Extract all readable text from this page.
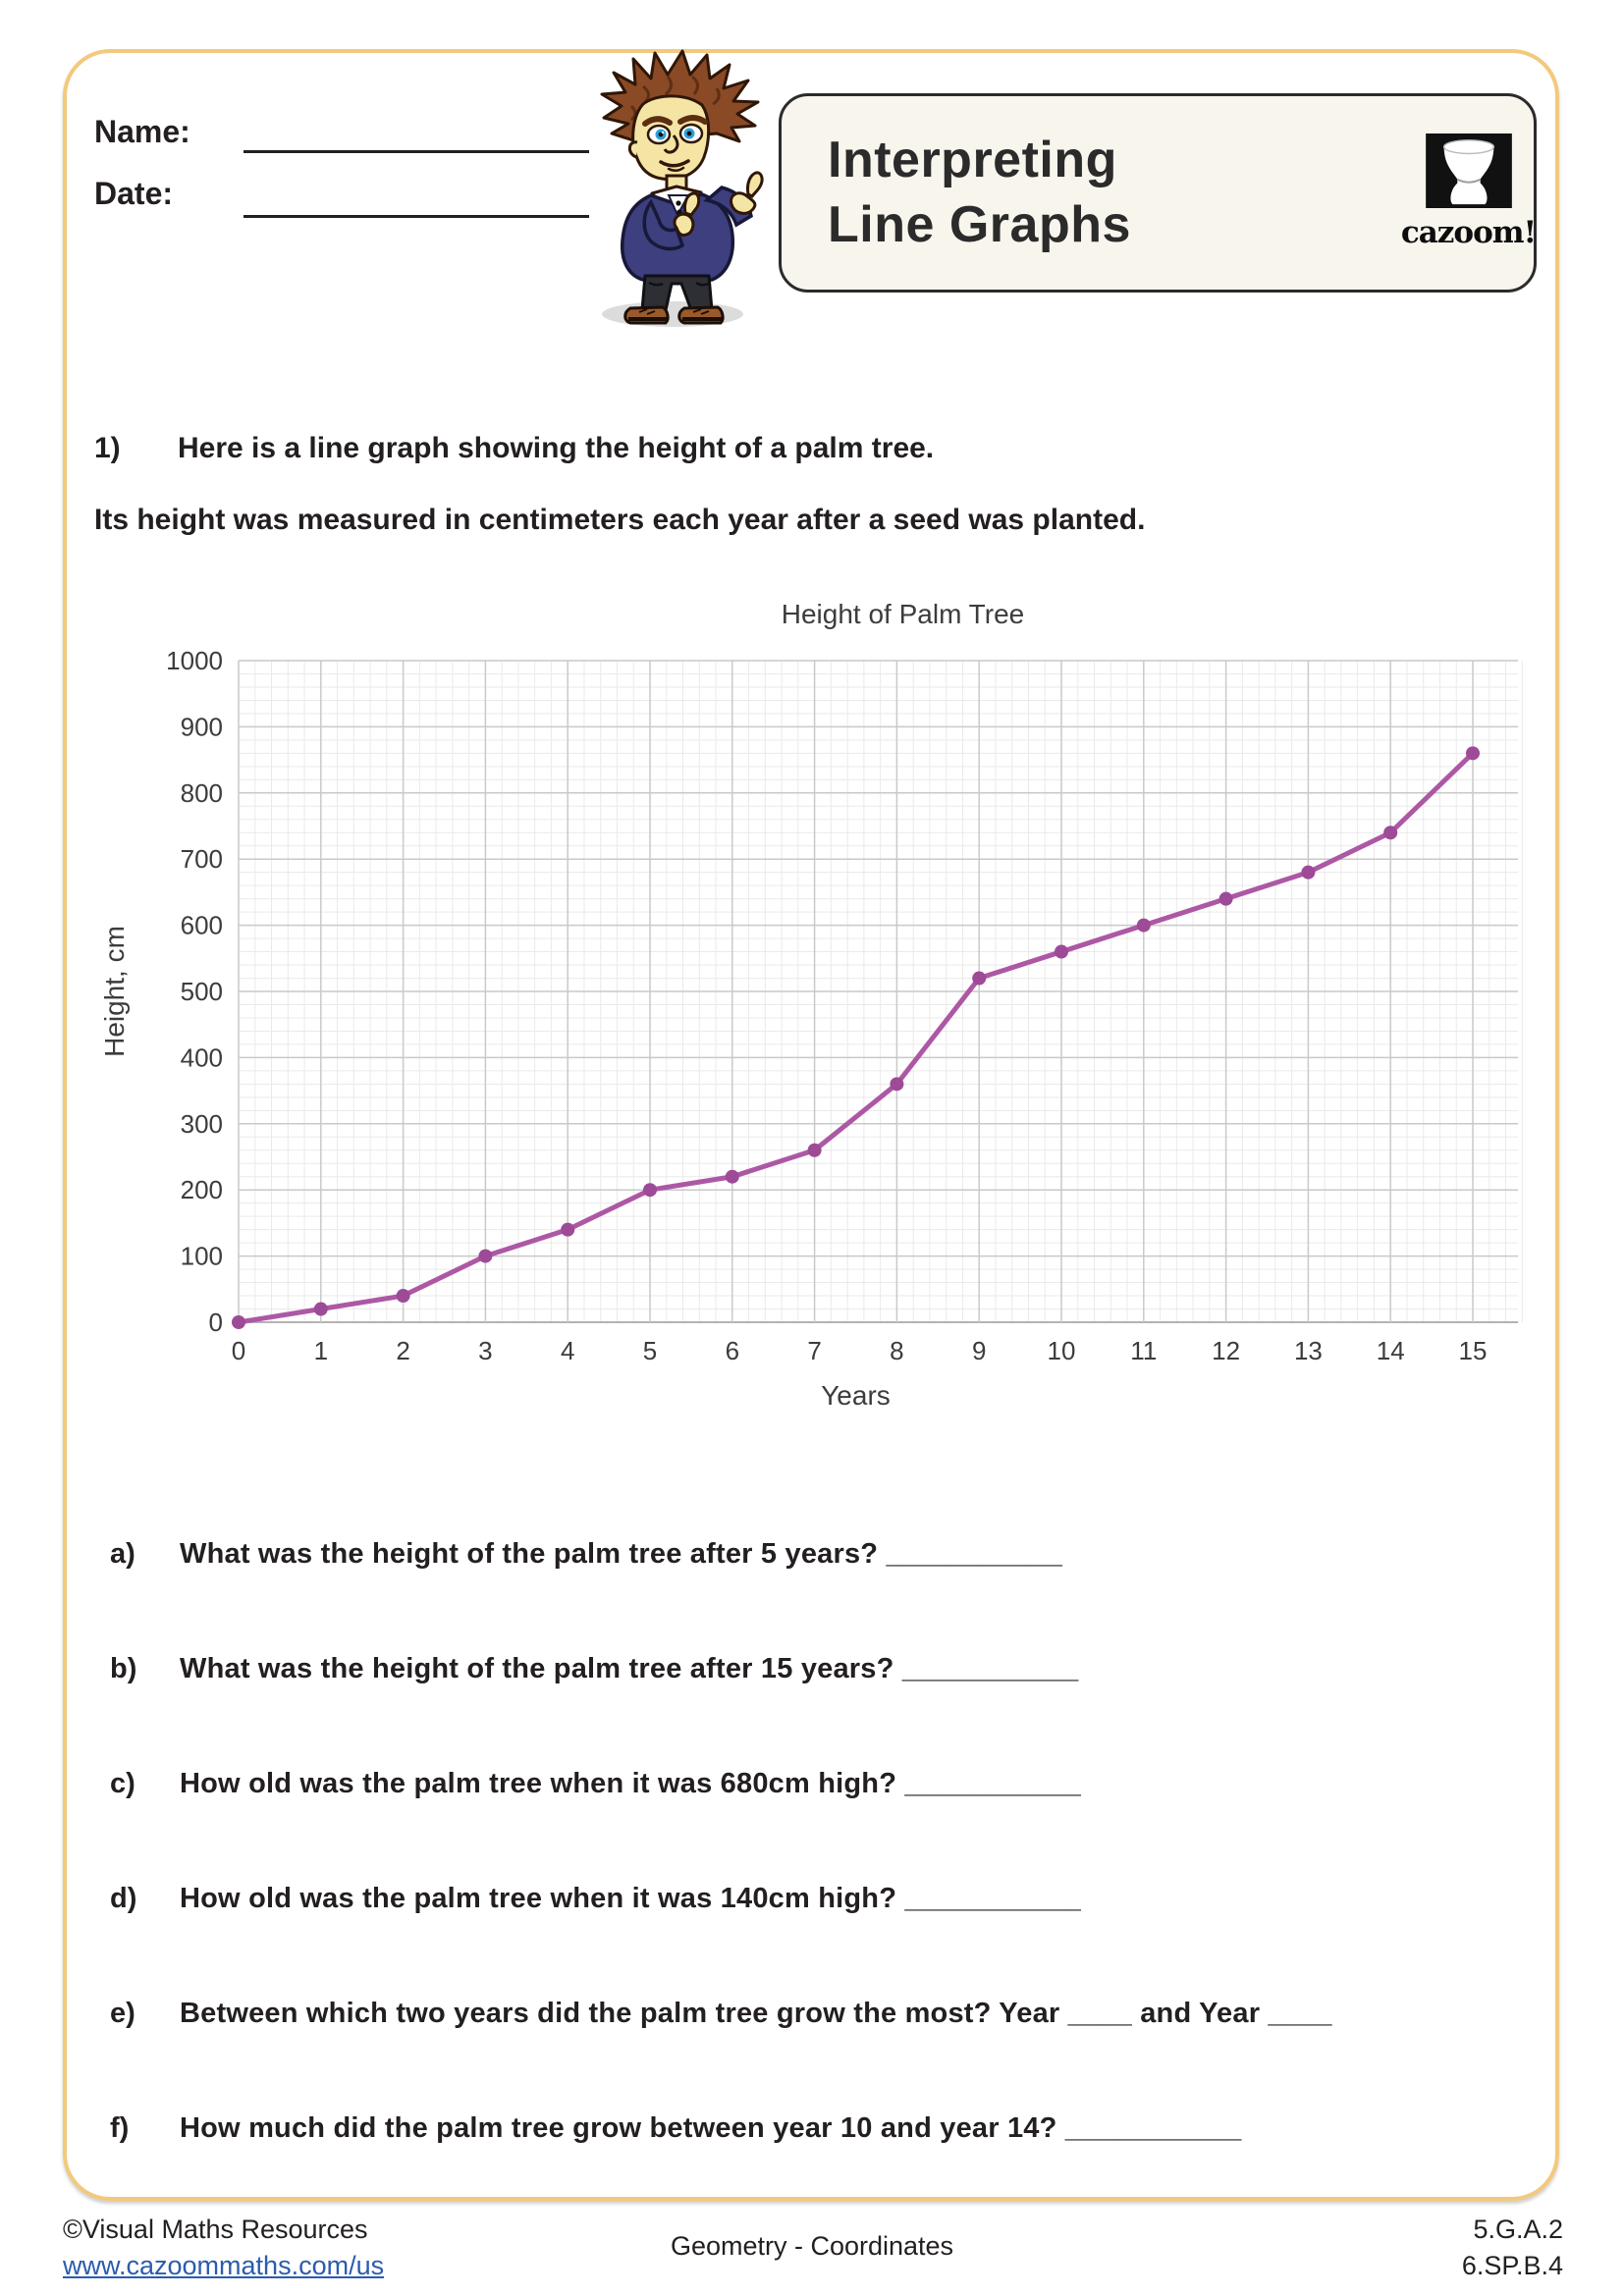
Name:
Date:
Interpreting
Line Graphs	cazoom!
1) Here is a line graph showing the height of a palm tree.
Its height was measured in centimeters each year after a seed was planted.
0
100
200
300
400
500
600
700
800
900
1000
0	1	2	3	4	5	6	7	8	9 10 11 12 13 14 15
Height of Palm Tree
Years
Height, cm
a) What was the height of the palm tree after 5 years? ___________
b) What was the height of the palm tree after 15 years? ___________
c) How old was the palm tree when it was 680cm high? ___________
d) How old was the palm tree when it was 140cm high? ___________
e) Between which two years did the palm tree grow the most? Year ____ and Year ____
f) How much did the palm tree grow between year 10 and year 14? ___________
©Visual Maths Resources
www.cazoommaths.com/us
Geometry - Coordinates
5.G.A.2
6.SP.B.4
